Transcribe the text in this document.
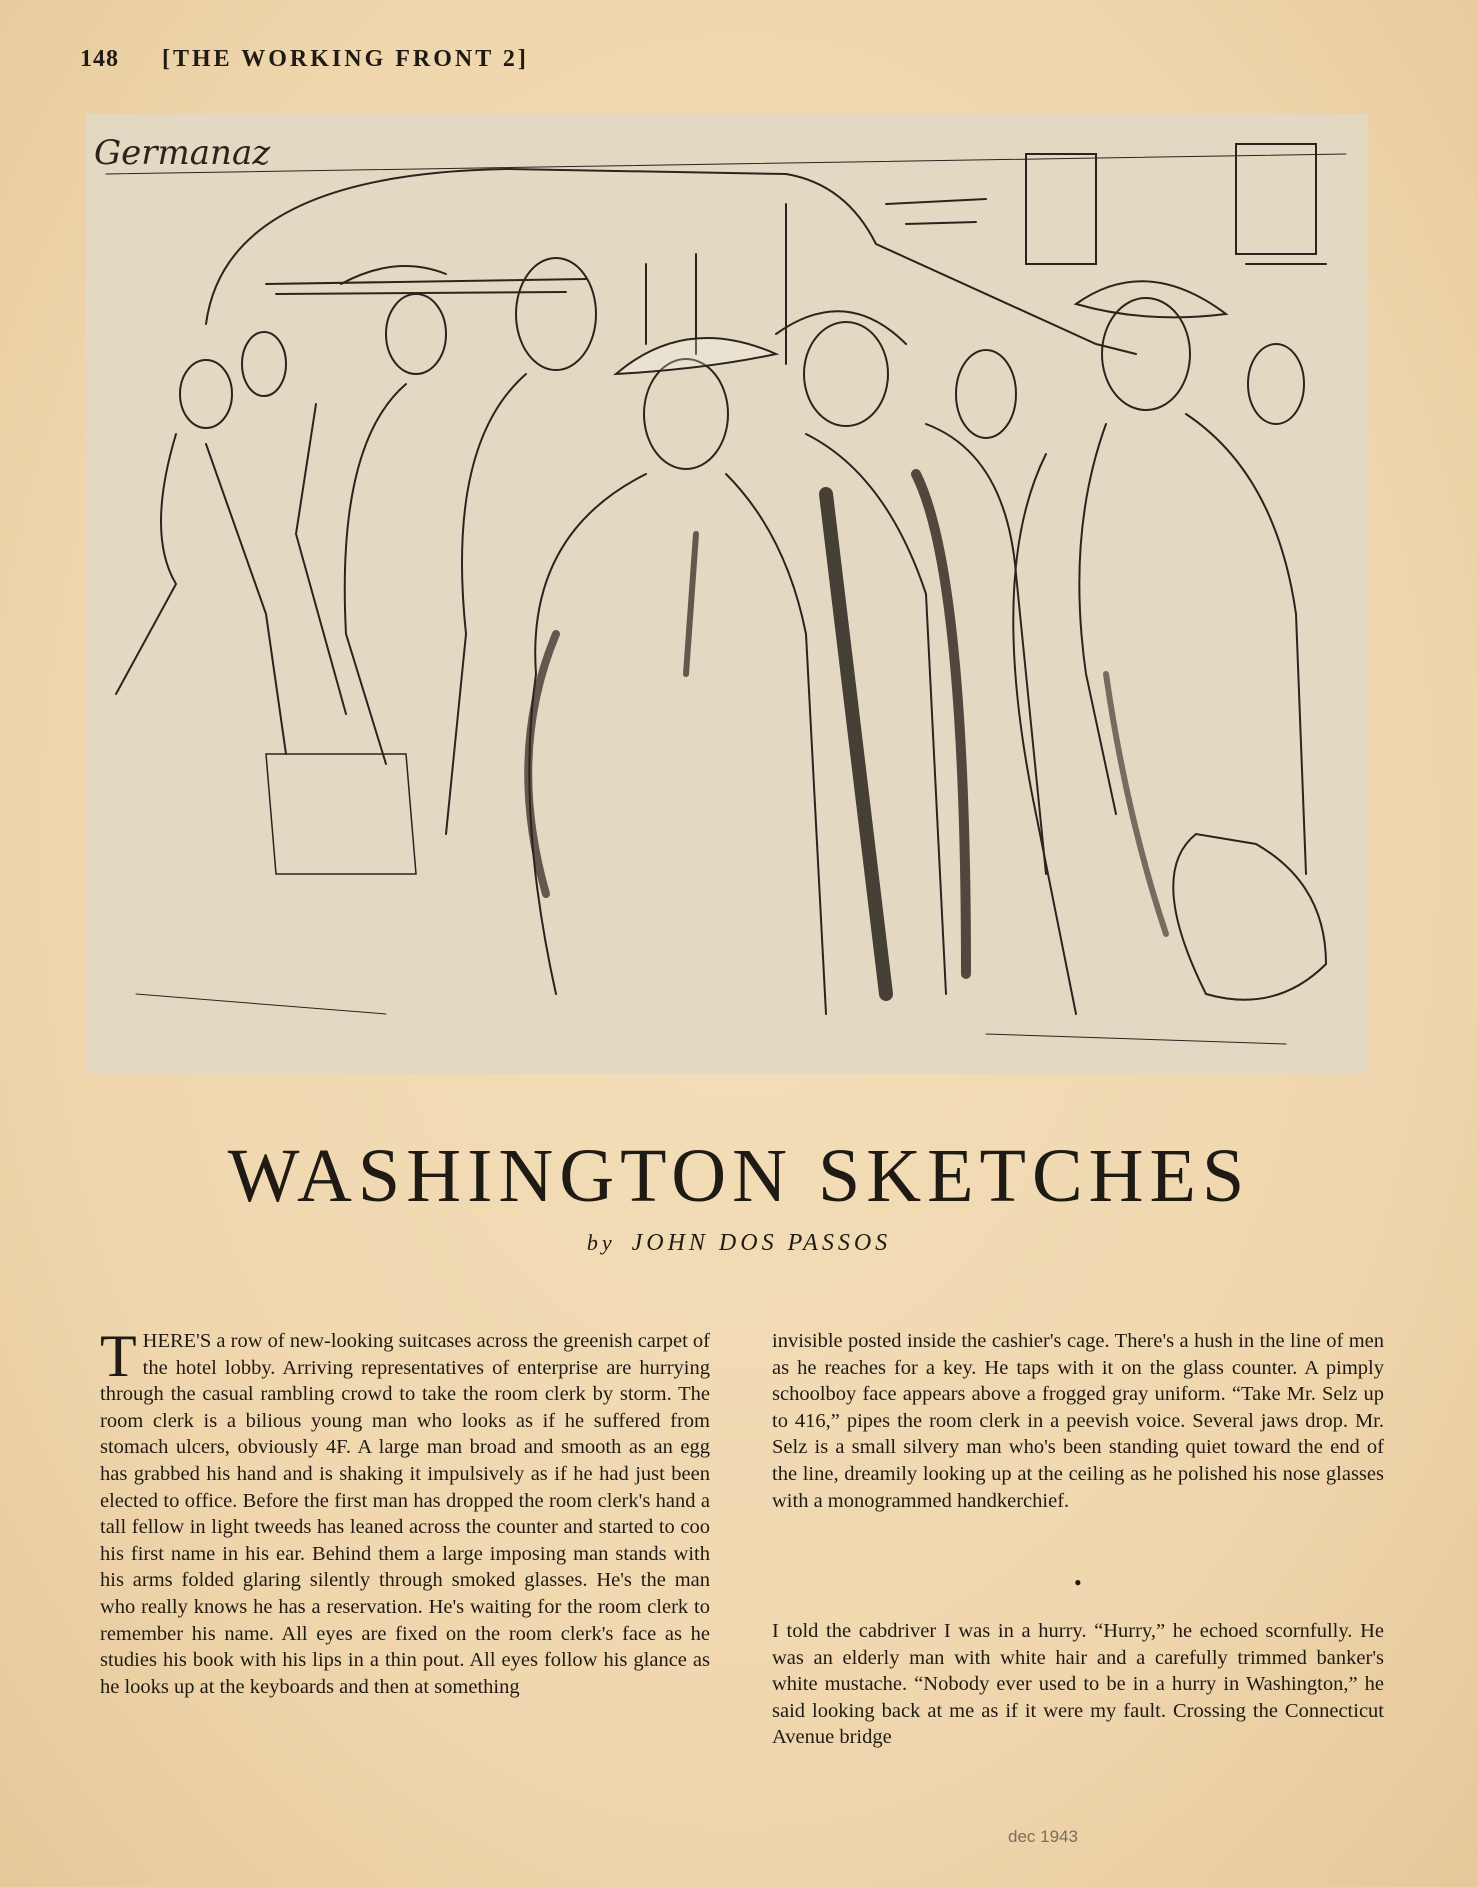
148 [THE WORKING FRONT 2]
Germanaz
WASHINGTON SKETCHES
by JOHN DOS PASSOS

THERE'S a row of new-looking suitcases across the greenish carpet of the hotel lobby. Arriving representatives of enterprise are hurrying through the casual rambling crowd to take the room clerk by storm. The room clerk is a bilious young man who looks as if he suffered from stomach ulcers, obviously 4F. A large man broad and smooth as an egg has grabbed his hand and is shaking it impulsively as if he had just been elected to office. Before the first man has dropped the room clerk's hand a tall fellow in light tweeds has leaned across the counter and started to coo his first name in his ear. Behind them a large imposing man stands with his arms folded glaring silently through smoked glasses. He's the man who really knows he has a reservation. He's waiting for the room clerk to remember his name. All eyes are fixed on the room clerk's face as he studies his book with his lips in a thin pout. All eyes follow his glance as he looks up at the keyboards and then at something

invisible posted inside the cashier's cage. There's a hush in the line of men as he reaches for a key. He taps with it on the glass counter. A pimply schoolboy face appears above a frogged gray uniform. “Take Mr. Selz up to 416,” pipes the room clerk in a peevish voice. Several jaws drop. Mr. Selz is a small silvery man who's been standing quiet toward the end of the line, dreamily looking up at the ceiling as he polished his nose glasses with a monogrammed handkerchief.

•

I told the cabdriver I was in a hurry. “Hurry,” he echoed scornfully. He was an elderly man with white hair and a carefully trimmed banker's white mustache. “Nobody ever used to be in a hurry in Washington,” he said looking back at me as if it were my fault. Crossing the Connecticut Avenue bridge

dec 1943
